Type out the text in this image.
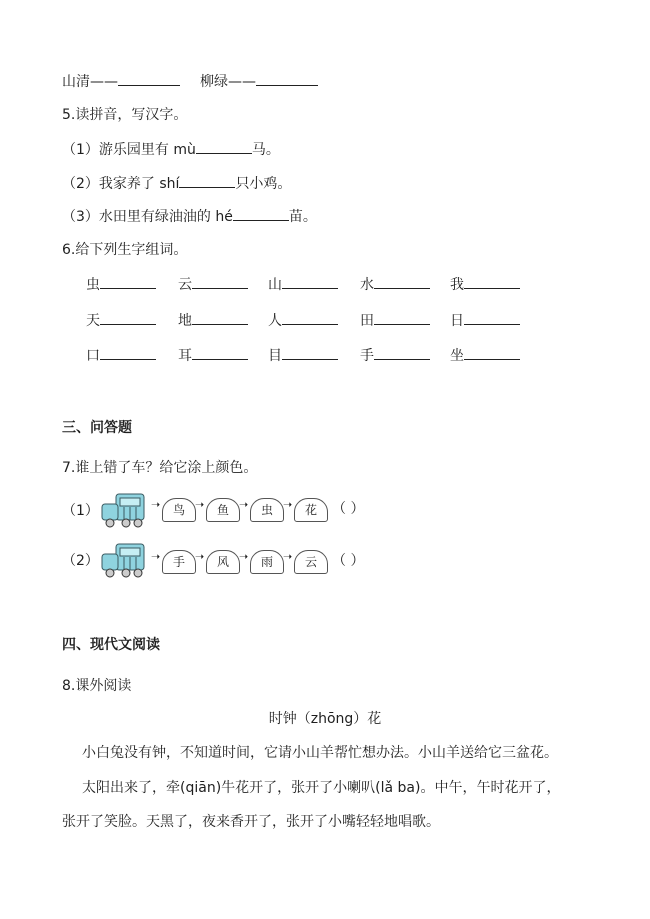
山清——	柳绿——
5.读拼音，写汉字。
（1）游乐园里有 mù	马。
（2）我家养了 shí	只小鸡。
（3）水田里有绿油油的 hé	苗。
6.给下列生字组词。
虫	云	山	水	我
天	地	人	田	日
口	耳	目	手	坐
三、问答题
7.谁上错了车？给它涂上颜色。
（1）	➝	鸟 ➝	鱼 ➝	虫 ➝	花	（ ）
（2）	➝	手 ➝	风 ➝	雨 ➝	云	（ ）
四、现代文阅读
8.课外阅读
时钟（zhōng）花
小白兔没有钟，不知道时间，它请小山羊帮忙想办法。小山羊送给它三盆花。
太阳出来了，牵(qiān)牛花开了，张开了小喇叭(lǎ ba)。中午，午时花开了，
张开了笑脸。天黑了，夜来香开了，张开了小嘴轻轻地唱歌。
